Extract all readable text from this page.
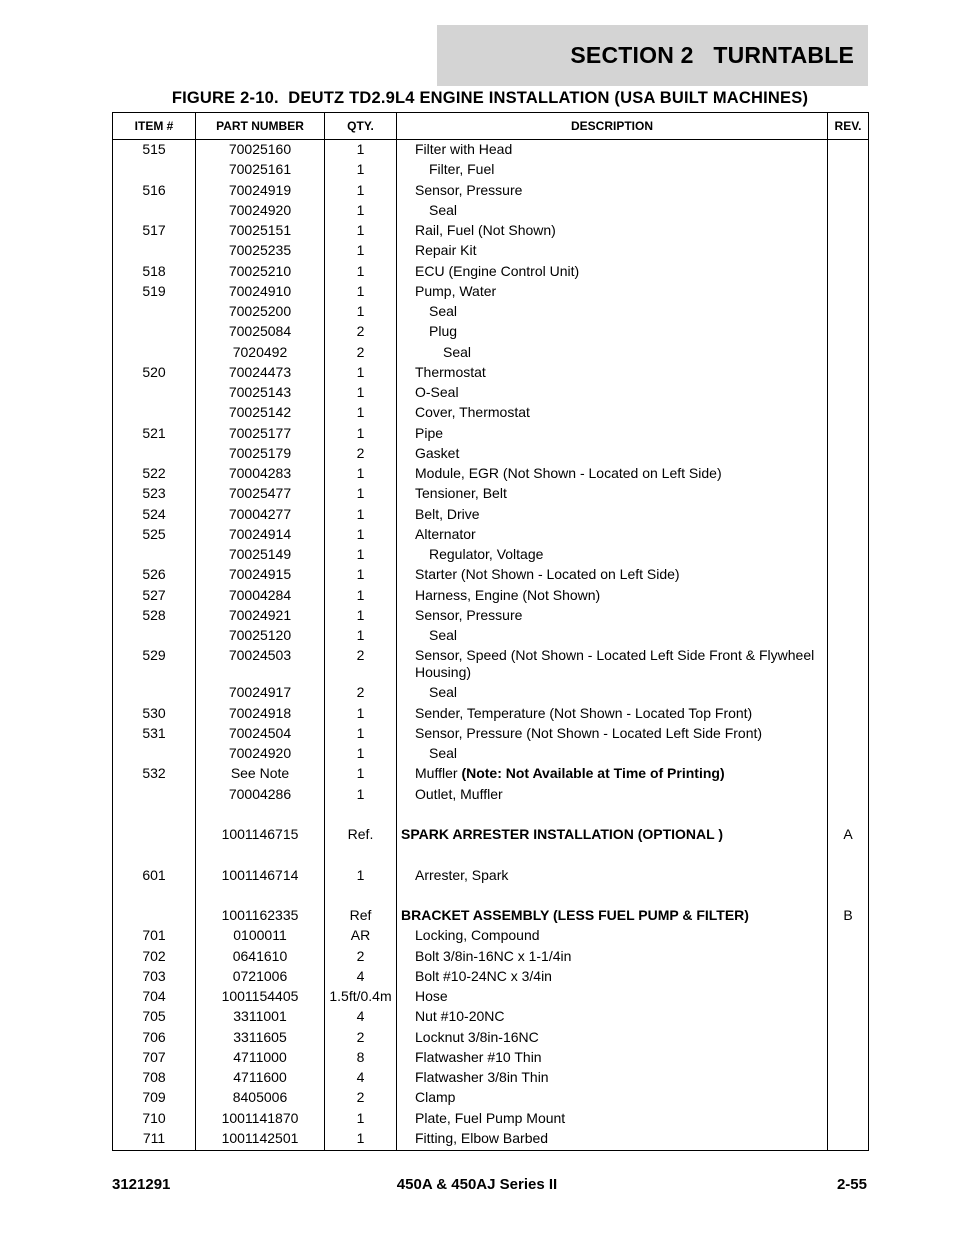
SECTION 2   TURNTABLE
FIGURE 2-10.  DEUTZ TD2.9L4 ENGINE INSTALLATION (USA BUILT MACHINES)
ITEM #	PART NUMBER	QTY.	DESCRIPTION	REV.
515	70025160	1	Filter with Head	
	70025161	1	Filter, Fuel	
516	70024919	1	Sensor, Pressure	
	70024920	1	Seal	
517	70025151	1	Rail, Fuel (Not Shown)	
	70025235	1	Repair Kit	
518	70025210	1	ECU (Engine Control Unit)	
519	70024910	1	Pump, Water	
	70025200	1	Seal	
	70025084	2	Plug	
	7020492	2	Seal	
520	70024473	1	Thermostat	
	70025143	1	O-Seal	
	70025142	1	Cover, Thermostat	
521	70025177	1	Pipe	
	70025179	2	Gasket	
522	70004283	1	Module, EGR (Not Shown - Located on Left Side)	
523	70025477	1	Tensioner, Belt	
524	70004277	1	Belt, Drive	
525	70024914	1	Alternator	
	70025149	1	Regulator, Voltage	
526	70024915	1	Starter (Not Shown - Located on Left Side)	
527	70004284	1	Harness, Engine (Not Shown)	
528	70024921	1	Sensor, Pressure	
	70025120	1	Seal	
529	70024503	2	Sensor, Speed (Not Shown - Located Left Side Front & Flywheel Housing)	
	70024917	2	Seal	
530	70024918	1	Sender, Temperature (Not Shown - Located Top Front)	
531	70024504	1	Sensor, Pressure (Not Shown - Located Left Side Front)	
	70024920	1	Seal	
532	See Note	1	Muffler (Note: Not Available at Time of Printing)	
	70004286	1	Outlet, Muffler	

	1001146715	Ref.	SPARK ARRESTER INSTALLATION (OPTIONAL )	A

601	1001146714	1	Arrester, Spark	

	1001162335	Ref	BRACKET ASSEMBLY (LESS FUEL PUMP & FILTER)	B
701	0100011	AR	Locking, Compound	
702	0641610	2	Bolt 3/8in-16NC x 1-1/4in	
703	0721006	4	Bolt #10-24NC x 3/4in	
704	1001154405	1.5ft/0.4m	Hose	
705	3311001	4	Nut #10-20NC	
706	3311605	2	Locknut 3/8in-16NC	
707	4711000	8	Flatwasher #10 Thin	
708	4711600	4	Flatwasher 3/8in Thin	
709	8405006	2	Clamp	
710	1001141870	1	Plate, Fuel Pump Mount	
711	1001142501	1	Fitting, Elbow Barbed	
3121291	450A & 450AJ Series II	2-55
